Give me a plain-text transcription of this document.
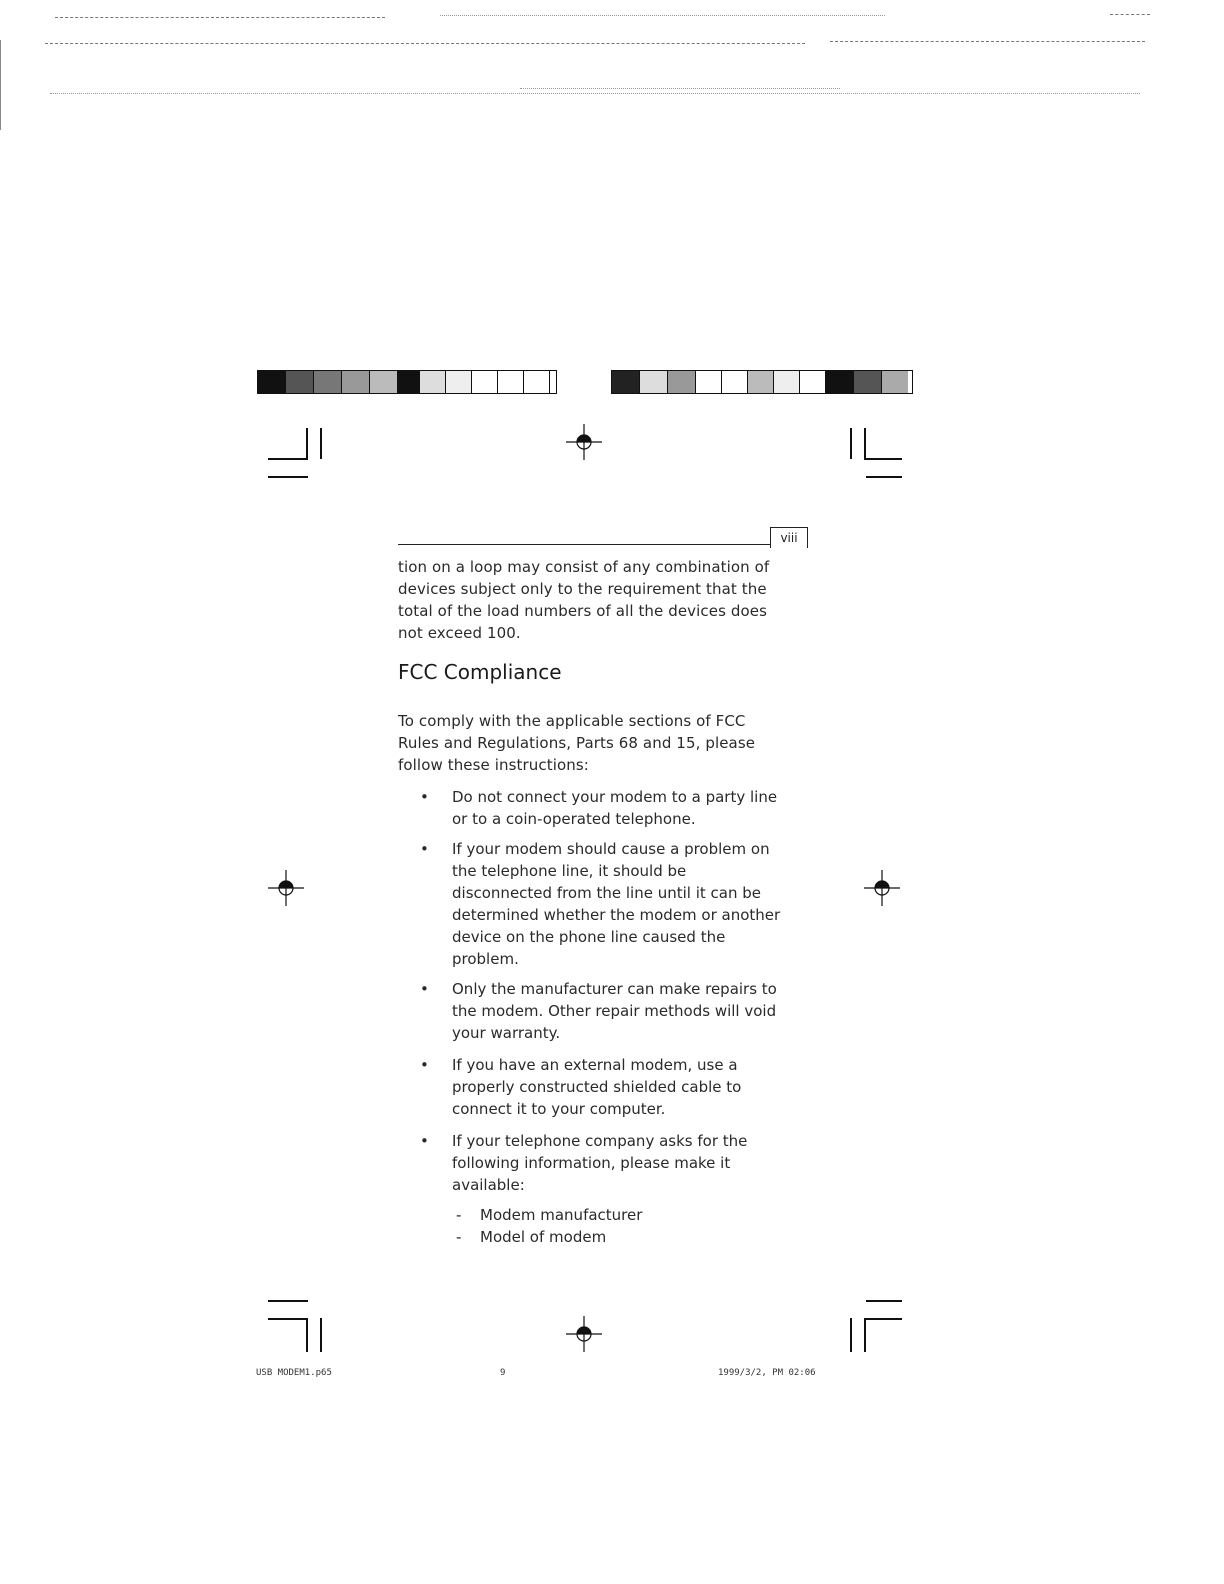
viii
tion on a loop may consist of any combination of devices subject only to the requirement that the total of the load numbers of all the devices does not exceed 100.
FCC Compliance
To comply with the applicable sections of FCC Rules and Regulations, Parts 68 and 15, please follow these instructions:
• Do not connect your modem to a party line or to a coin-operated telephone.
• If your modem should cause a problem on the telephone line, it should be disconnected from the line until it can be determined whether the modem or another device on the phone line caused the problem.
• Only the manufacturer can make repairs to the modem. Other repair methods will void your warranty.
• If you have an external modem, use a properly constructed shielded cable to connect it to your computer.
• If your telephone company asks for the following information, please make it available:
- Modem manufacturer
- Model of modem
USB MODEM1.p65	9	1999/3/2, PM 02:06
